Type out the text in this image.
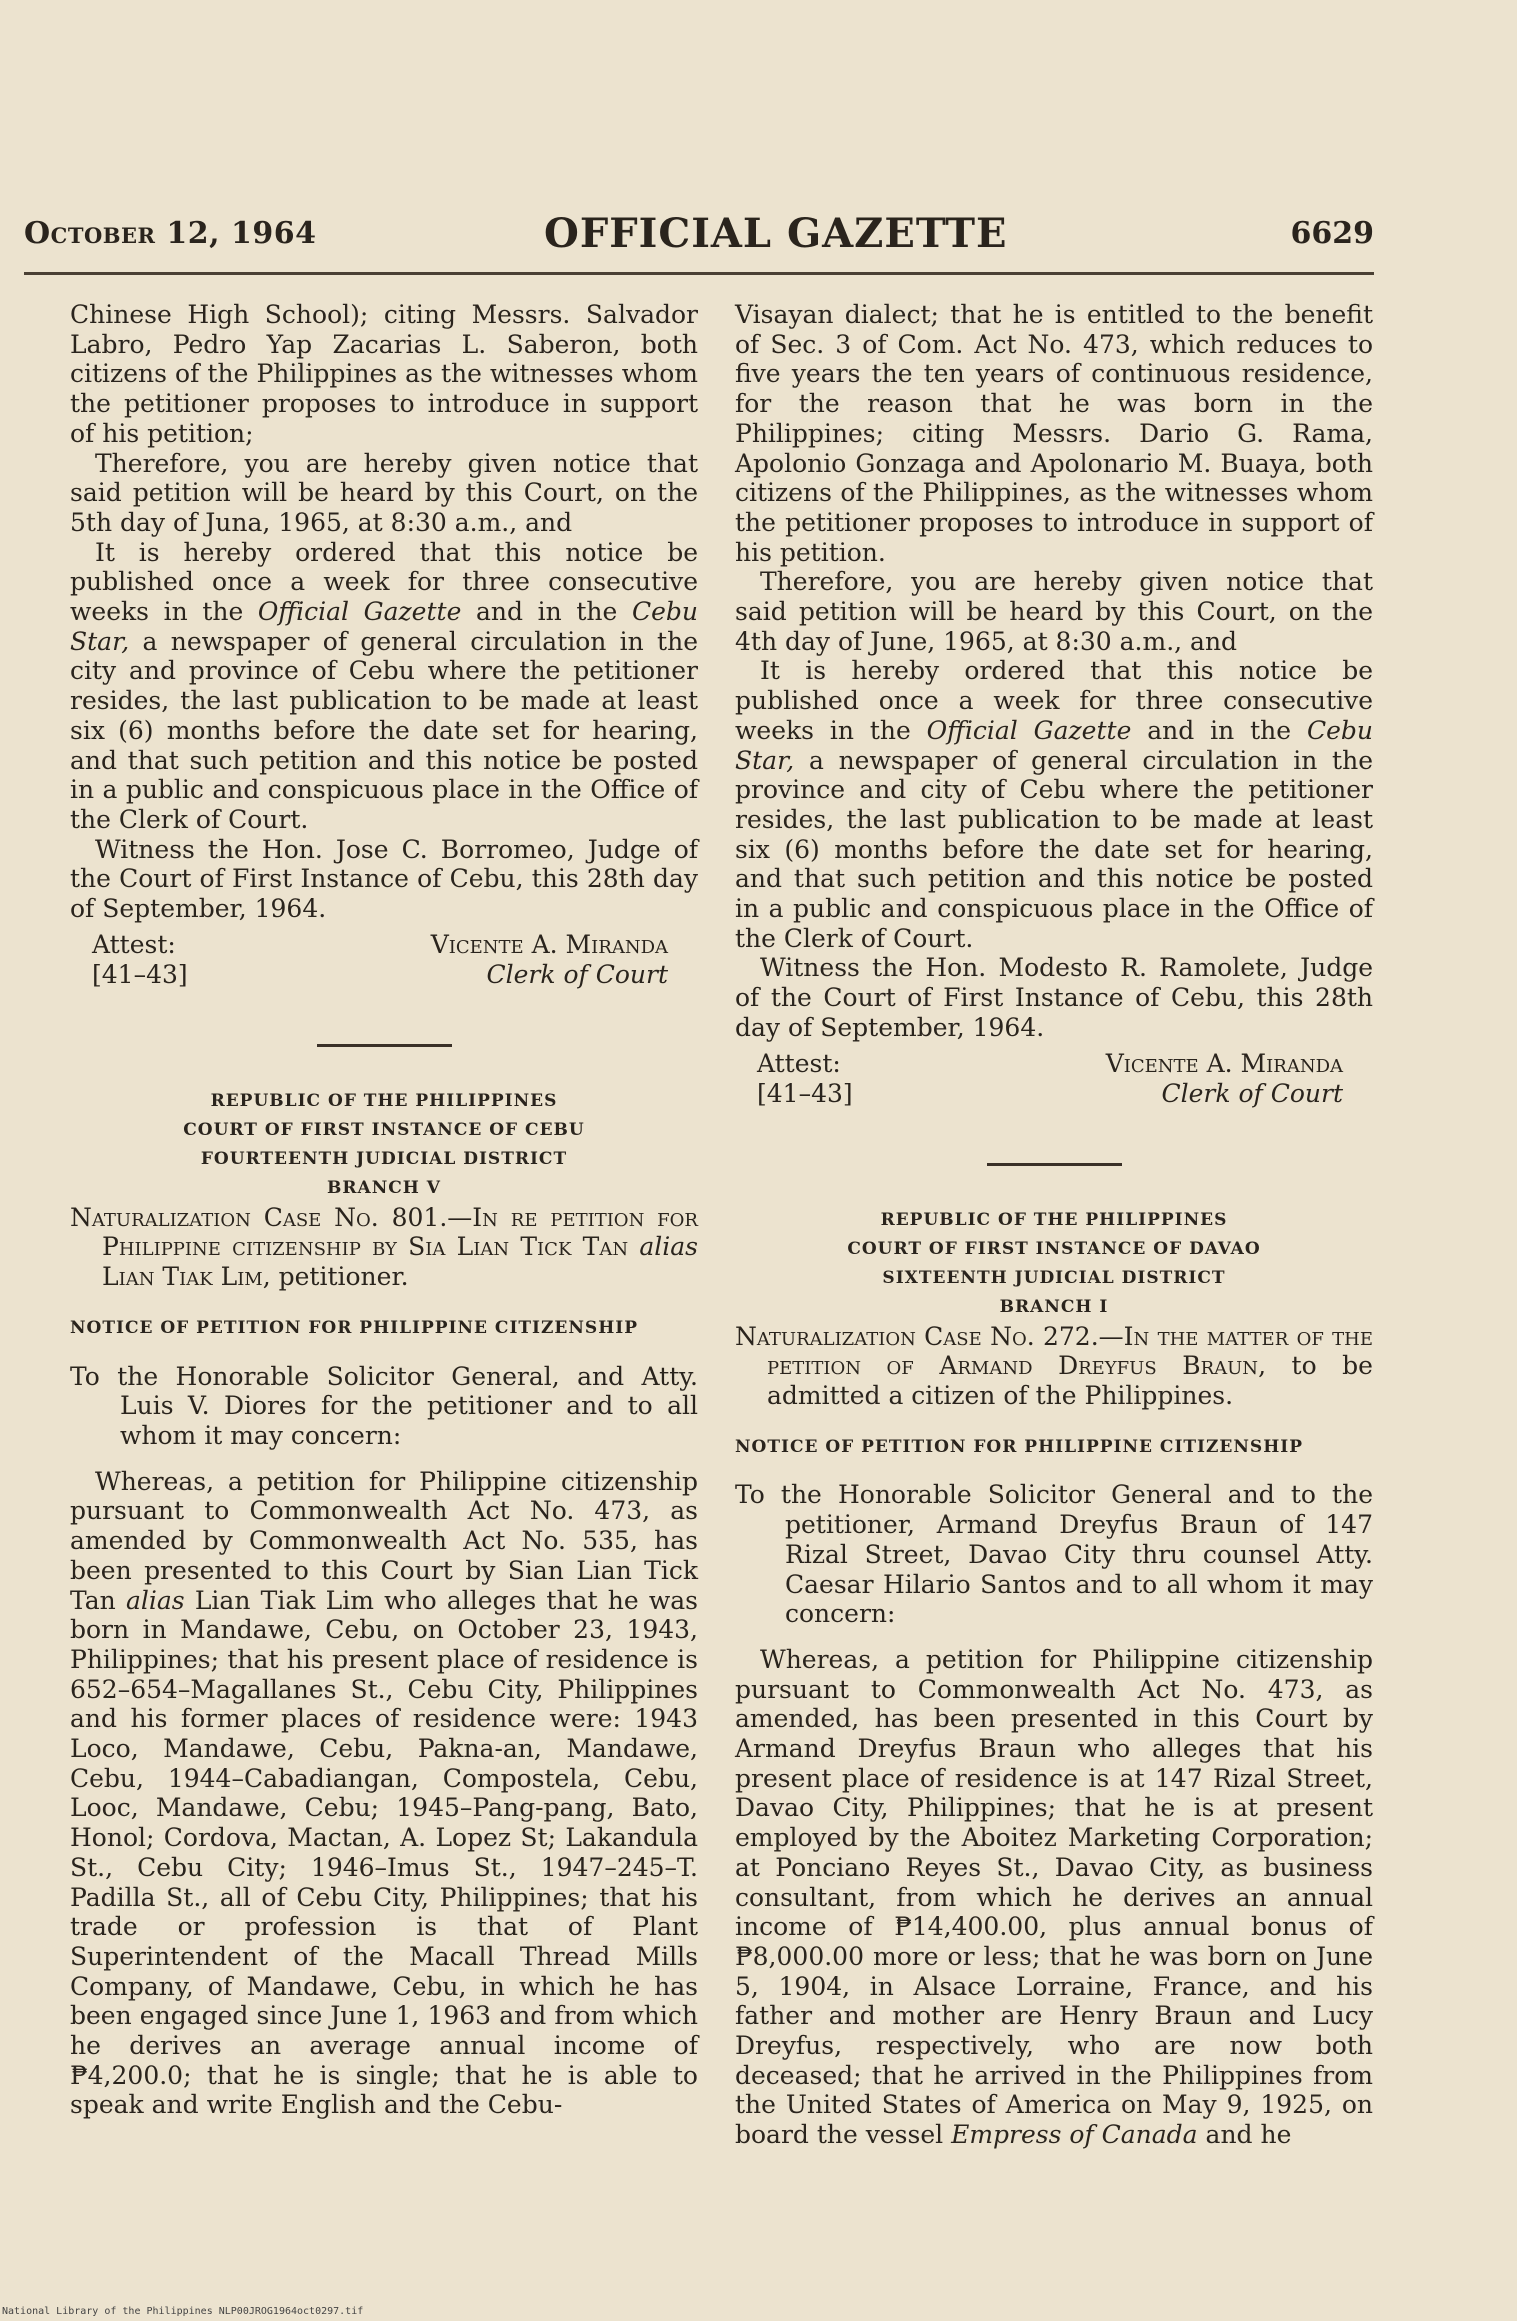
October 12, 1964	OFFICIAL GAZETTE	6629

Chinese High School); citing Messrs. Salvador Labro, Pedro Yap Zacarias L. Saberon, both citizens of the Philippines as the witnesses whom the petitioner proposes to introduce in support of his petition;

Therefore, you are hereby given notice that said petition will be heard by this Court, on the 5th day of Juna, 1965, at 8:30 a.m., and

It is hereby ordered that this notice be published once a week for three consecutive weeks in the Official Gazette and in the Cebu Star, a newspaper of general circulation in the city and province of Cebu where the petitioner resides, the last publication to be made at least six (6) months before the date set for hearing, and that such petition and this notice be posted in a public and conspicuous place in the Office of the Clerk of Court.

Witness the Hon. Jose C. Borromeo, Judge of the Court of First Instance of Cebu, this 28th day of September, 1964.

Attest:
[41–43]
Vicente A. Miranda
Clerk of Court
REPUBLIC OF THE PHILIPPINES
COURT OF FIRST INSTANCE OF CEBU
FOURTEENTH JUDICIAL DISTRICT
BRANCH V

Naturalization Case No. 801.—In re petition for Philippine citizenship by Sia Lian Tick Tan alias Lian Tiak Lim, petitioner.

NOTICE OF PETITION FOR PHILIPPINE CITIZENSHIP

To the Honorable Solicitor General, and Atty. Luis V. Diores for the petitioner and to all whom it may concern:

Whereas, a petition for Philippine citizenship pursuant to Commonwealth Act No. 473, as amended by Commonwealth Act No. 535, has been presented to this Court by Sian Lian Tick Tan alias Lian Tiak Lim who alleges that he was born in Mandawe, Cebu, on October 23, 1943, Philippines; that his present place of residence is 652–654–Magallanes St., Cebu City, Philippines and his former places of residence were: 1943 Loco, Mandawe, Cebu, Pakna-an, Mandawe, Cebu, 1944–Cabadiangan, Compostela, Cebu, Looc, Mandawe, Cebu; 1945–Pang-pang, Bato, Honol; Cordova, Mactan, A. Lopez St; Lakandula St., Cebu City; 1946–Imus St., 1947–245–T. Padilla St., all of Cebu City, Philippines; that his trade or profession is that of Plant Superintendent of the Macall Thread Mills Company, of Mandawe, Cebu, in which he has been engaged since June 1, 1963 and from which he derives an average annual income of ₱4,200.0; that he is single; that he is able to speak and write English and the Cebu-

Visayan dialect; that he is entitled to the benefit of Sec. 3 of Com. Act No. 473, which reduces to five years the ten years of continuous residence, for the reason that he was born in the Philippines; citing Messrs. Dario G. Rama, Apolonio Gonzaga and Apolonario M. Buaya, both citizens of the Philippines, as the witnesses whom the petitioner proposes to introduce in support of his petition.

Therefore, you are hereby given notice that said petition will be heard by this Court, on the 4th day of June, 1965, at 8:30 a.m., and

It is hereby ordered that this notice be published once a week for three consecutive weeks in the Official Gazette and in the Cebu Star, a newspaper of general circulation in the province and city of Cebu where the petitioner resides, the last publication to be made at least six (6) months before the date set for hearing, and that such petition and this notice be posted in a public and conspicuous place in the Office of the Clerk of Court.

Witness the Hon. Modesto R. Ramolete, Judge of the Court of First Instance of Cebu, this 28th day of September, 1964.

Attest:
[41–43]
Vicente A. Miranda
Clerk of Court
REPUBLIC OF THE PHILIPPINES
COURT OF FIRST INSTANCE OF DAVAO
SIXTEENTH JUDICIAL DISTRICT
BRANCH I

Naturalization Case No. 272.—In the matter of the petition of Armand Dreyfus Braun, to be admitted a citizen of the Philippines.

NOTICE OF PETITION FOR PHILIPPINE CITIZENSHIP

To the Honorable Solicitor General and to the petitioner, Armand Dreyfus Braun of 147 Rizal Street, Davao City thru counsel Atty. Caesar Hilario Santos and to all whom it may concern:

Whereas, a petition for Philippine citizenship pursuant to Commonwealth Act No. 473, as amended, has been presented in this Court by Armand Dreyfus Braun who alleges that his present place of residence is at 147 Rizal Street, Davao City, Philippines; that he is at present employed by the Aboitez Marketing Corporation; at Ponciano Reyes St., Davao City, as business consultant, from which he derives an annual income of ₱14,400.00, plus annual bonus of ₱8,000.00 more or less; that he was born on June 5, 1904, in Alsace Lorraine, France, and his father and mother are Henry Braun and Lucy Dreyfus, respectively, who are now both deceased; that he arrived in the Philippines from the United States of America on May 9, 1925, on board the vessel Empress of Canada and he

National Library of the Philippines NLP00JROG1964oct0297.tif
